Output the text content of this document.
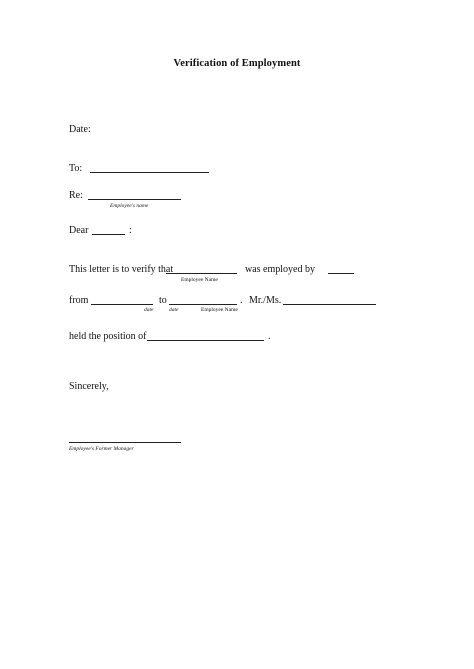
Verification of Employment
Date:
To:
Re:
Employee's name
Dear	:
This letter is to verify that
Employee Name
was employed by
from
date
to
date	Employee Name
. Mr./Ms.
held the position of	.
Sincerely,
Employee's Former Manager
